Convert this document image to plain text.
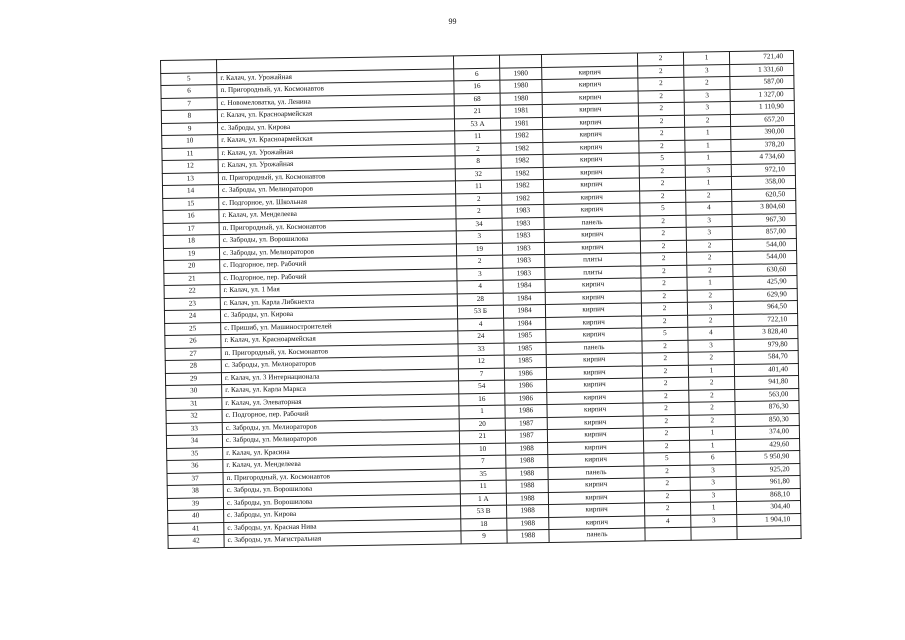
99
					2	1	721,40
5	г. Калач, ул. Урожайная	6	1980	кирпич	2	3	1 331,60
6	п. Пригородный, ул. Космонавтов	16	1980	кирпич	2	2	587,00
7	с. Новомеловатка, ул. Ленина	68	1980	кирпич	2	3	1 327,00
8	г. Калач, ул. Красноармейская	21	1981	кирпич	2	3	1 110,90
9	с. Заброды, ул. Кирова	53 А	1981	кирпич	2	2	657,20
10	г. Калач, ул. Красноармейская	11	1982	кирпич	2	1	390,00
11	г. Калач, ул. Урожайная	2	1982	кирпич	2	1	378,20
12	г. Калач, ул. Урожайная	8	1982	кирпич	5	1	4 734,60
13	п. Пригородный, ул. Космонавтов	32	1982	кирпич	2	3	972,10
14	с. Заброды, ул. Мелиораторов	11	1982	кирпич	2	1	358,00
15	с. Подгорное, ул. Школьная	2	1982	кирпич	2	2	620,50
16	г. Калач, ул. Менделеева	2	1983	кирпич	5	4	3 804,60
17	п. Пригородный, ул. Космонавтов	34	1983	панель	2	3	967,30
18	с. Заброды, ул. Ворошилова	3	1983	кирпич	2	3	857,00
19	с. Заброды, ул. Мелиораторов	19	1983	кирпич	2	2	544,00
20	с. Подгорное, пер. Рабочий	2	1983	плиты	2	2	544,00
21	с. Подгорное, пер. Рабочий	3	1983	плиты	2	2	630,60
22	г. Калач, ул. 1 Мая	4	1984	кирпич	2	1	425,90
23	г. Калач, ул. Карла Либкнехта	28	1984	кирпич	2	2	629,90
24	с. Заброды, ул. Кирова	53 Б	1984	кирпич	2	3	964,50
25	с. Пришиб, ул. Машиностроителей	4	1984	кирпич	2	2	722,10
26	г. Калач, ул. Красноармейская	24	1985	кирпич	5	4	3 828,40
27	п. Пригородный, ул. Космонавтов	33	1985	панель	2	3	979,80
28	с. Заброды, ул. Мелиораторов	12	1985	кирпич	2	2	584,70
29	г. Калач, ул. 3 Интернационала	7	1986	кирпич	2	1	401,40
30	г. Калач, ул. Карла Маркса	54	1986	кирпич	2	2	941,80
31	г. Калач, ул. Элеваторная	16	1986	кирпич	2	2	563,00
32	с. Подгорное, пер. Рабочий	1	1986	кирпич	2	2	876,30
33	с. Заброды, ул. Мелиораторов	20	1987	кирпич	2	2	850,30
34	с. Заброды, ул. Мелиораторов	21	1987	кирпич	2	1	374,00
35	г. Калач, ул. Красина	10	1988	кирпич	2	1	429,60
36	г. Калач, ул. Менделеева	7	1988	кирпич	5	6	5 950,90
37	п. Пригородный, ул. Космонавтов	35	1988	панель	2	3	925,20
38	с. Заброды, ул. Ворошилова	11	1988	кирпич	2	3	961,80
39	с. Заброды, ул. Ворошилова	1 А	1988	кирпич	2	3	868,10
40	с. Заброды, ул. Кирова	53 В	1988	кирпич	2	1	304,40
41	с. Заброды, ул. Красная Нива	18	1988	кирпич	4	3	1 904,10
42	с. Заброды, ул. Магистральная	9	1988	панель			
